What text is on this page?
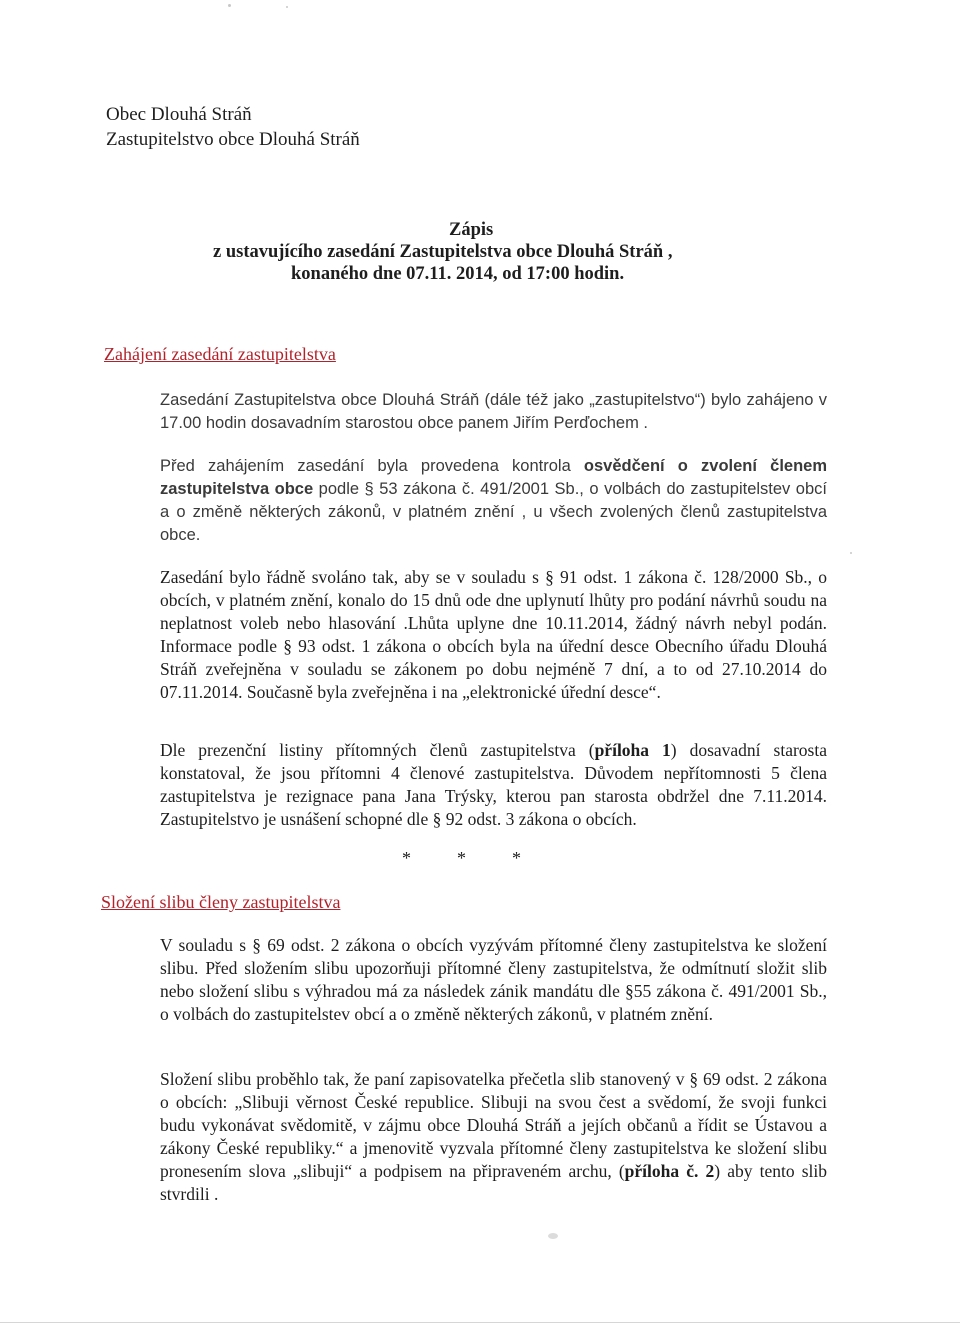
Obec Dlouhá Stráň
Zastupitelstvo obce Dlouhá Stráň
Zápis
z ustavujícího zasedání Zastupitelstva obce Dlouhá Stráň ,
konaného dne 07.11. 2014, od 17:00 hodin.
Zahájení zasedání zastupitelstva
Zasedání Zastupitelstva obce Dlouhá Stráň (dále též jako „zastupitelstvo“) bylo zahájeno v 17.00 hodin dosavadním starostou obce panem Jiřím Perďochem .
Před zahájením zasedání byla provedena kontrola osvědčení o zvolení členem zastupitelstva obce podle § 53 zákona č. 491/2001 Sb., o volbách do zastupitelstev obcí a o změně některých zákonů, v platném znění , u všech zvolených členů zastupitelstva obce.
Zasedání bylo řádně svoláno tak, aby se v souladu s § 91 odst. 1 zákona č. 128/2000 Sb., o obcích, v platném znění, konalo do 15 dnů ode dne uplynutí lhůty pro podání návrhů soudu na neplatnost voleb nebo hlasování .Lhůta uplyne dne 10.11.2014, žádný návrh nebyl podán. Informace podle § 93 odst. 1 zákona o obcích byla na úřední desce Obecního úřadu Dlouhá Stráň zveřejněna v souladu se zákonem po dobu nejméně 7 dní, a to od 27.10.2014 do 07.11.2014. Současně byla zveřejněna i na „elektronické úřední desce“.
Dle prezenční listiny přítomných členů zastupitelstva (příloha 1) dosavadní starosta konstatoval, že jsou přítomni 4 členové zastupitelstva. Důvodem nepřítomnosti 5 člena zastupitelstva je rezignace pana Jana Trýsky, kterou pan starosta obdržel dne 7.11.2014. Zastupitelstvo je usnášení schopné dle § 92 odst. 3 zákona o obcích.
*	*	*
Složení slibu členy zastupitelstva
V souladu s § 69 odst. 2 zákona o obcích vyzývám přítomné členy zastupitelstva ke složení slibu. Před složením slibu upozorňuji přítomné členy zastupitelstva, že odmítnutí složit slib nebo složení slibu s výhradou má za následek zánik mandátu dle §55 zákona č. 491/2001 Sb., o volbách do zastupitelstev obcí a o změně některých zákonů, v platném znění.
Složení slibu proběhlo tak, že paní zapisovatelka přečetla slib stanovený v § 69 odst. 2 zákona o obcích: „Slibuji věrnost České republice. Slibuji na svou čest a svědomí, že svoji funkci budu vykonávat svědomitě, v zájmu obce Dlouhá Stráň a jejích občanů a řídit se Ústavou a zákony České republiky.“ a jmenovitě vyzvala přítomné členy zastupitelstva ke složení slibu pronesením slova „slibuji“ a podpisem na připraveném archu, (příloha č. 2) aby tento slib stvrdili .
